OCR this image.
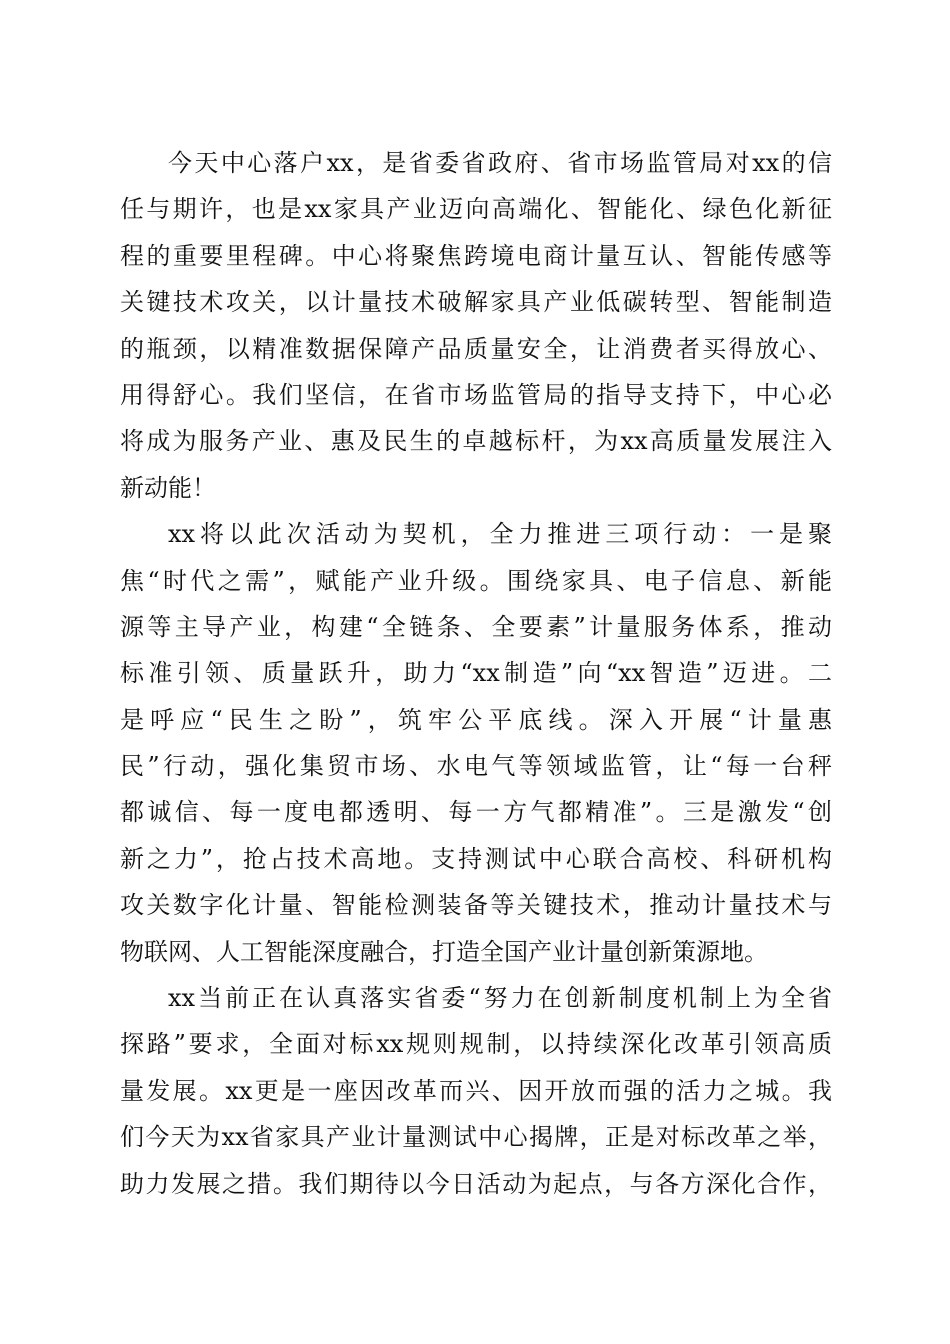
今天中心落户xx，是省委省政府、省市场监管局对xx的信
任与期许，也是xx家具产业迈向高端化、智能化、绿色化新征
程的重要里程碑。中心将聚焦跨境电商计量互认、智能传感等
关键技术攻关，以计量技术破解家具产业低碳转型、智能制造
的瓶颈，以精准数据保障产品质量安全，让消费者买得放心、
用得舒心。我们坚信，在省市场监管局的指导支持下，中心必
将成为服务产业、惠及民生的卓越标杆，为xx高质量发展注入
新动能！
xx将以此次活动为契机，全力推进三项行动：一是聚
焦“时代之需”，赋能产业升级。围绕家具、电子信息、新能
源等主导产业，构建“全链条、全要素”计量服务体系，推动
标准引领、质量跃升，助力“xx制造”向“xx智造”迈进。二
是呼应“民生之盼”，筑牢公平底线。深入开展“计量惠
民”行动，强化集贸市场、水电气等领域监管，让“每一台秤
都诚信、每一度电都透明、每一方气都精准”。三是激发“创
新之力”，抢占技术高地。支持测试中心联合高校、科研机构
攻关数字化计量、智能检测装备等关键技术，推动计量技术与
物联网、人工智能深度融合，打造全国产业计量创新策源地。
xx当前正在认真落实省委“努力在创新制度机制上为全省
探路”要求，全面对标xx规则规制，以持续深化改革引领高质
量发展。xx更是一座因改革而兴、因开放而强的活力之城。我
们今天为xx省家具产业计量测试中心揭牌，正是对标改革之举，
助力发展之措。我们期待以今日活动为起点，与各方深化合作，
